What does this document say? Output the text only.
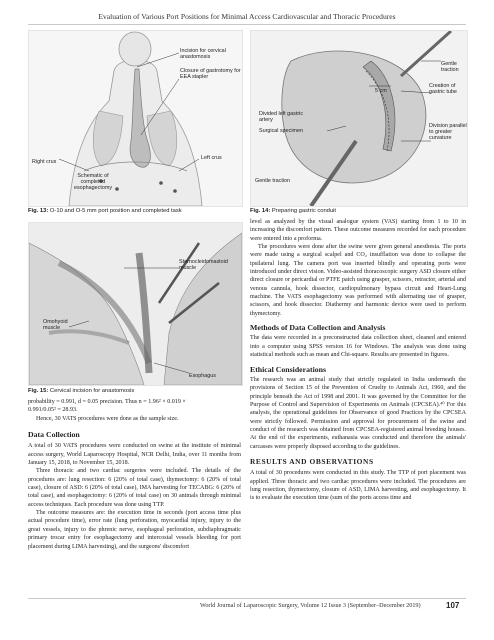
Evaluation of Various Port Positions for Minimal Access Cardiovascular and Thoracic Procedures
Incision for cervical anastomosis
Closure of gastrotomy for EEA stapler
Right crus
Left crus
Schematic of completed esophagectomy
Fig. 13: O-10 and O-5 mm port position and completed task
Gentle traction
5 cm
Creation of gastric tube
Divided left gastric artery
Surgical specimen
Division parallel to greater curvature
Gentle traction
Fig. 14: Preparing gastric conduit
Sternocleidomastoid muscle
Omohyoid muscle
Esophagus
Fig. 15: Cervical incision for anastomosis

probability = 0.991, d = 0.05 precision. Thus n = 1.96² × 0.019 ×

0.991/0.05² = 28.93.

Hence, 30 VATS procedures were done as the sample size.

Data Collection

A total of 30 VATS procedures were conducted on swine at the institute of minimal access surgery, World Laparoscopy Hospital, NCR Delhi, India, over 11 months from January 15, 2018, to November 15, 2018.

Three thoracic and two cardiac surgeries were included. The details of the procedures are: lung resection: 6 (20% of total case), thymectomy: 6 (20% of total case), closure of ASD: 6 (20% of total case), IMA harvesting for TECABG: 6 (20% of total case), and esophagectomy: 6 (20% of total case) on 30 animals through minimal access techniques. Each procedure was done using TTP.

The outcome measures are: the execution time in seconds (port access time plus actual procedure time), error rate (lung perforation, myocardial injury, injury to the great vessels, injury to the phrenic nerve, esophageal perforation, subdiaphragmatic primary trocar entry for esophagectomy and intercostal vessels bleeding for port placement during LIMA harvesting), and the surgeons' discomfort

level as analyzed by the visual analogue system (VAS) starting from 1 to 10 in increasing the discomfort pattern. These outcome measures recorded for each procedure were entered into a proforma.

The procedures were done after the swine were given general anesthesia. The ports were made using a surgical scalpel and CO₂ insufflation was done to collapse the ipsilateral lung. The camera port was inserted blindly and operating ports were introduced under direct vision. Video-assisted thoracoscopic surgery ASD closure either direct closure or pericardial or PTFE patch using grasper, scissors, retractor, arterial and venous cannula, hook dissector, cardiopulmonary bypass circuit and Heart-Lung machine. The VATS esophagectomy was performed with alternating use of grasper, scissors, and hook dissector. Diathermy and harmonic device were used to perform thymectomy.

Methods of Data Collection and Analysis

The data were recorded in a preconstructed data collection sheet, cleaned and entered into a computer using SPSS version 16 for Windows. The analysis was done using statistical methods such as mean and Chi-square. Results are presented in figures.

Ethical Considerations

The research was an animal study that strictly regulated in India underneath the provisions of Section 15 of the Prevention of Cruelty to Animals Act, 1960, and the principle beneath the Act of 1998 and 2001. It was governed by the Committee for the Purpose of Control and Supervision of Experiments on Animals (CPCSEA).⁴⁰ For this analysis, the operational guidelines for Observance of good Practices by the CPCSEA were strictly followed. Permission and approval for procurement of the swine and conduct of the research was obtained from CPCSEA-registered animal breeding houses. At the end of the experiments, euthanasia was conducted and therefore the animals' carcasses were properly disposed according to the guidelines.

RESULTS AND OBSERVATIONS

A total of 30 procedures were conducted in this study. The TTP of port placement was applied. Three thoracic and two cardiac procedures were included. The procedures are lung resection, thymectomy, closure of ASD, LIMA harvesting, and esophagectomy. It is to evaluate the execution time (sum of the ports access time and

World Journal of Laparoscopic Surgery, Volume 12 Issue 3 (September–December 2019)	107
